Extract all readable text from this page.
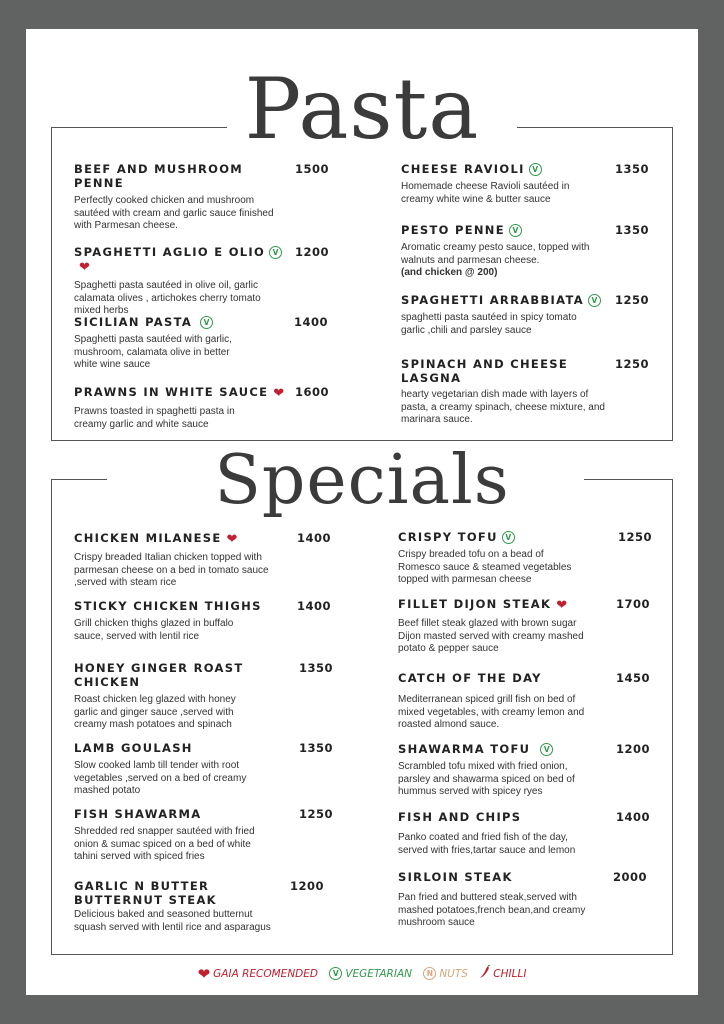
Pasta
BEEF AND MUSHROOM
PENNE
Perfectly cooked chicken and mushroom sautéed with cream and garlic sauce finished with Parmesan cheese.
1500
SPAGHETTI AGLIO E OLIO V❤
Spaghetti pasta sautéed in olive oil, garlic calamata olives , artichokes cherry tomato mixed herbs
1200
SICILIAN PASTA V
Spaghetti pasta sautéed with garlic, mushroom, calamata olive in better white wine sauce
1400
PRAWNS IN WHITE SAUCE ❤
Prawns toasted in spaghetti pasta in creamy garlic and white sauce
1600
CHEESE RAVIOLI V
Homemade cheese Ravioli sautéed in creamy white wine & butter sauce
1350
PESTO PENNE V
Aromatic creamy pesto sauce, topped with walnuts and parmesan cheese.
(and chicken @ 200)
1350
SPAGHETTI ARRABBIATA V
spaghetti pasta sautéed in spicy tomato garlic ,chili and parsley sauce
1250
SPINACH AND CHEESE
LASGNA
hearty vegetarian dish made with layers of pasta, a creamy spinach, cheese mixture, and marinara sauce.
1250
Specials
CHICKEN MILANESE ❤
Crispy breaded Italian chicken topped with parmesan cheese on a bed in tomato sauce ,served with steam rice
1400
STICKY CHICKEN THIGHS
Grill chicken thighs glazed in buffalo sauce, served with lentil rice
1400
HONEY GINGER ROAST
CHICKEN
Roast chicken leg glazed with honey garlic and ginger sauce ,served with creamy mash potatoes and spinach
1350
LAMB GOULASH
Slow cooked lamb till tender with root vegetables ,served on a bed of creamy mashed potato
1350
FISH SHAWARMA
Shredded red snapper sautéed with fried onion & sumac spiced on a bed of white tahini served with spiced fries
1250
GARLIC N BUTTER
BUTTERNUT STEAK
Delicious baked and seasoned butternut squash served with lentil rice and asparagus
1200
CRISPY TOFU V
Crispy breaded tofu on a bead of Romesco sauce & steamed vegetables topped with parmesan cheese
1250
FILLET DIJON STEAK ❤
Beef fillet steak glazed with brown sugar Dijon masted served with creamy mashed potato & pepper sauce
1700
CATCH OF THE DAY
Mediterranean spiced grill fish on bed of mixed vegetables, with creamy lemon and roasted almond sauce.
1450
SHAWARMA TOFU V
Scrambled tofu mixed with fried onion, parsley and shawarma spiced on bed of hummus served with spicey ryes
1200
FISH AND CHIPS
Panko coated and fried fish of the day, served with fries,tartar sauce and lemon
1400
SIRLOIN STEAK
Pan fried and buttered steak,served with mashed potatoes,french bean,and creamy mushroom sauce
2000
❤ GAIA RECOMENDED V VEGETARIAN N NUTS CHILLI
